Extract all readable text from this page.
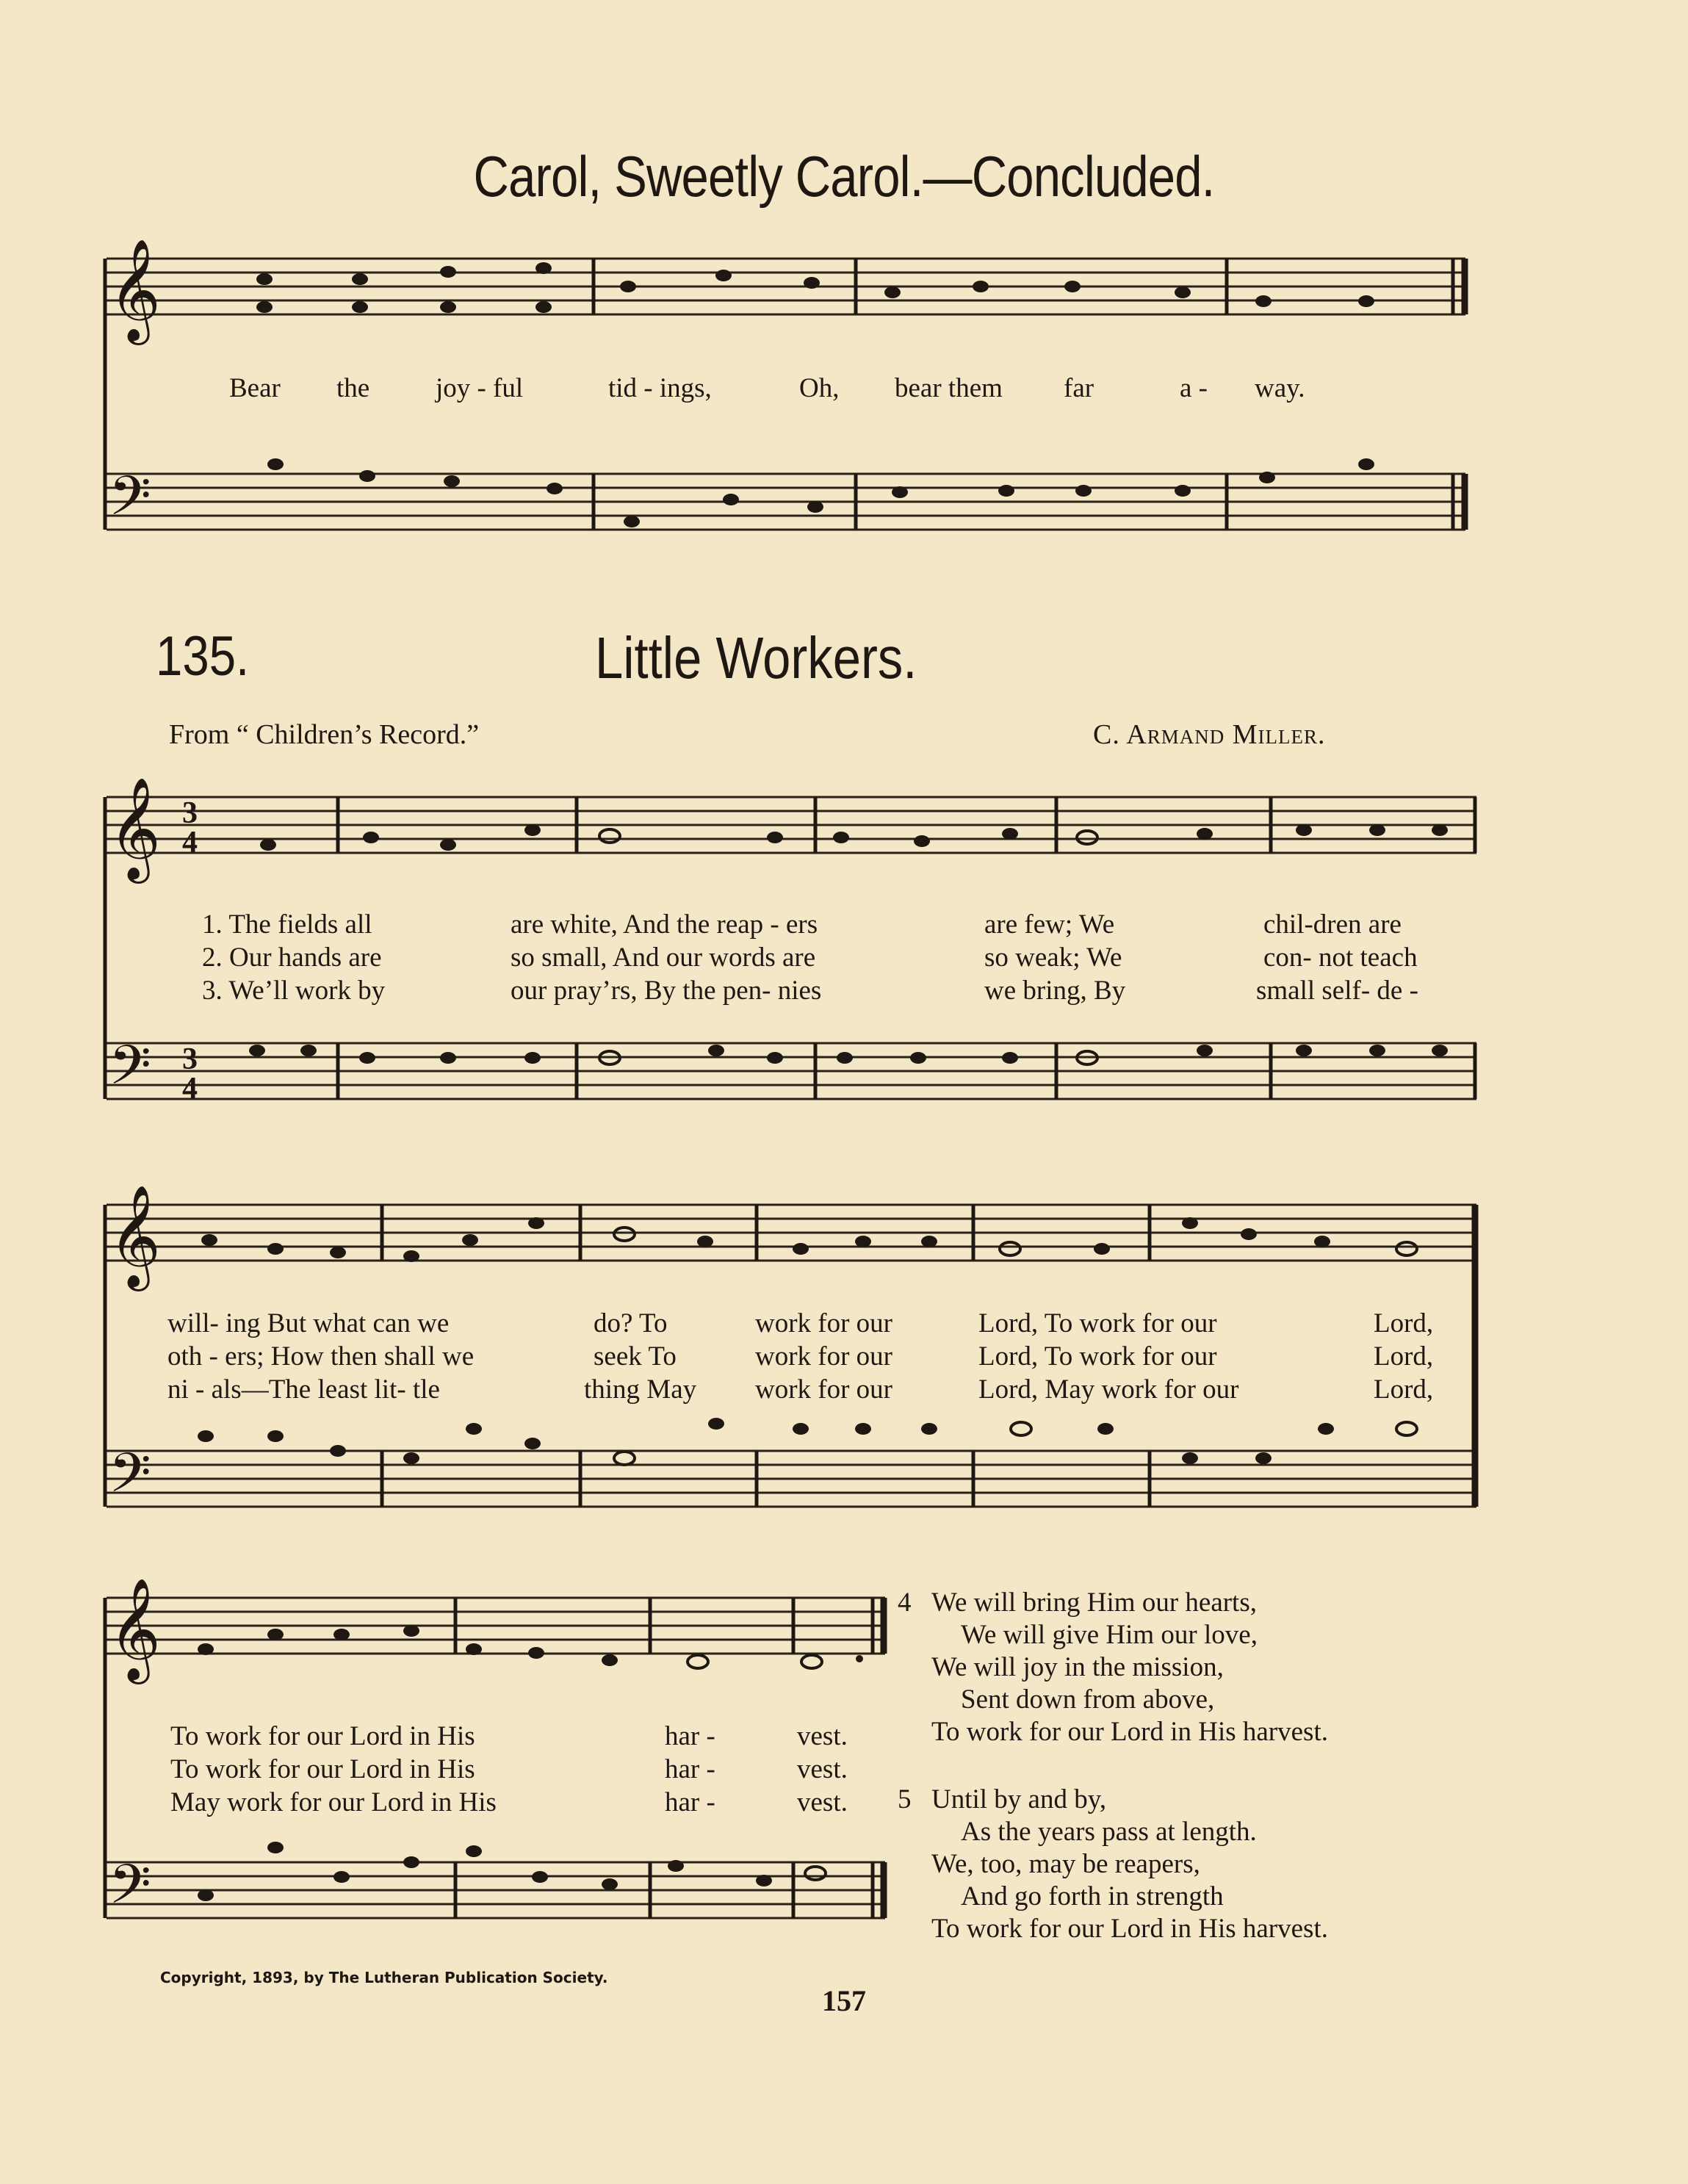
𝄞
𝄢
𝄞
𝄢
𝄞
𝄢
𝄞
𝄢
3
4
3
4
Carol, Sweetly Carol.—Concluded.
Bear the joy - ful	tid - ings,	Oh, bear them far	a - way.
135.	Little Workers.
From “ Children’s Record.”	C. Armand Miller.
1. The fields all	are white, And the reap - ers	are few; We	chil-dren are
2. Our hands are	so small, And our words are	so weak; We	con- not teach
3. We’ll work by	our pray’rs, By the pen- nies	we bring, By	small self- de -
will- ing But what can we	do? To	work for our	Lord, To work for our	Lord,
oth - ers; How then shall we	seek To	work for our	Lord, To work for our	Lord,
ni - als—The least lit- tle	thing May work for our	Lord, May work for our	Lord,
To work for our Lord in His	har -	vest.
To work for our Lord in His	har -	vest.
May work for our Lord in His	har -	vest.
4 We will bring Him our hearts,
We will give Him our love,
We will joy in the mission,
Sent down from above,
To work for our Lord in His harvest.
5 Until by and by,
As the years pass at length.
We, too, may be reapers,
And go forth in strength
To work for our Lord in His harvest.
Copyright, 1893, by The Lutheran Publication Society.
157
